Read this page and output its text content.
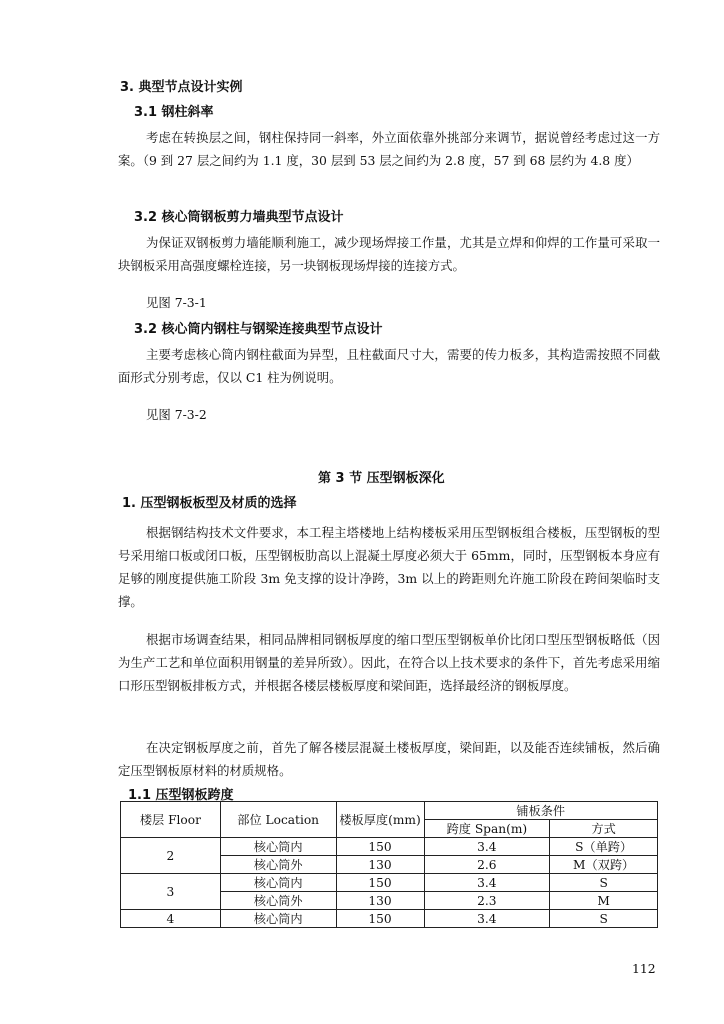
3. 典型节点设计实例
3.1 钢柱斜率

考虑在转换层之间，钢柱保持同一斜率，外立面依靠外挑部分来调节，据说曾经考虑过这一方案。（9 到 27 层之间约为 1.1 度，30 层到 53 层之间约为 2.8 度，57 到 68 层约为 4.8 度）

3.2 核心筒钢板剪力墙典型节点设计

为保证双钢板剪力墙能顺利施工，减少现场焊接工作量，尤其是立焊和仰焊的工作量可采取一块钢板采用高强度螺栓连接，另一块钢板现场焊接的连接方式。

见图 7-3-1
3.2 核心筒内钢柱与钢梁连接典型节点设计

主要考虑核心筒内钢柱截面为异型，且柱截面尺寸大，需要的传力板多，其构造需按照不同截面形式分别考虑，仅以 C1 柱为例说明。

见图 7-3-2
第 3 节 压型钢板深化
1. 压型钢板板型及材质的选择

根据钢结构技术文件要求，本工程主塔楼地上结构楼板采用压型钢板组合楼板，压型钢板的型号采用缩口板或闭口板，压型钢板肋高以上混凝土厚度必须大于 65mm，同时，压型钢板本身应有足够的刚度提供施工阶段 3m 免支撑的设计净跨，3m 以上的跨距则允许施工阶段在跨间架临时支撑。

根据市场调查结果，相同品牌相同钢板厚度的缩口型压型钢板单价比闭口型压型钢板略低（因为生产工艺和单位面积用钢量的差异所致）。因此，在符合以上技术要求的条件下，首先考虑采用缩口形压型钢板排板方式，并根据各楼层楼板厚度和梁间距，选择最经济的钢板厚度。

在决定钢板厚度之前，首先了解各楼层混凝土楼板厚度，梁间距，以及能否连续铺板，然后确定压型钢板原材料的材质规格。

1.1 压型钢板跨度
楼层 Floor	部位 Location	楼板厚度(mm)	铺板条件	
			跨度 Span(m)	方式
2	核心筒内	150	3.4	S（单跨）
	核心筒外	130	2.6	M（双跨）
3	核心筒内	150	3.4	S
	核心筒外	130	2.3	M
4	核心筒内	150	3.4	S
112
